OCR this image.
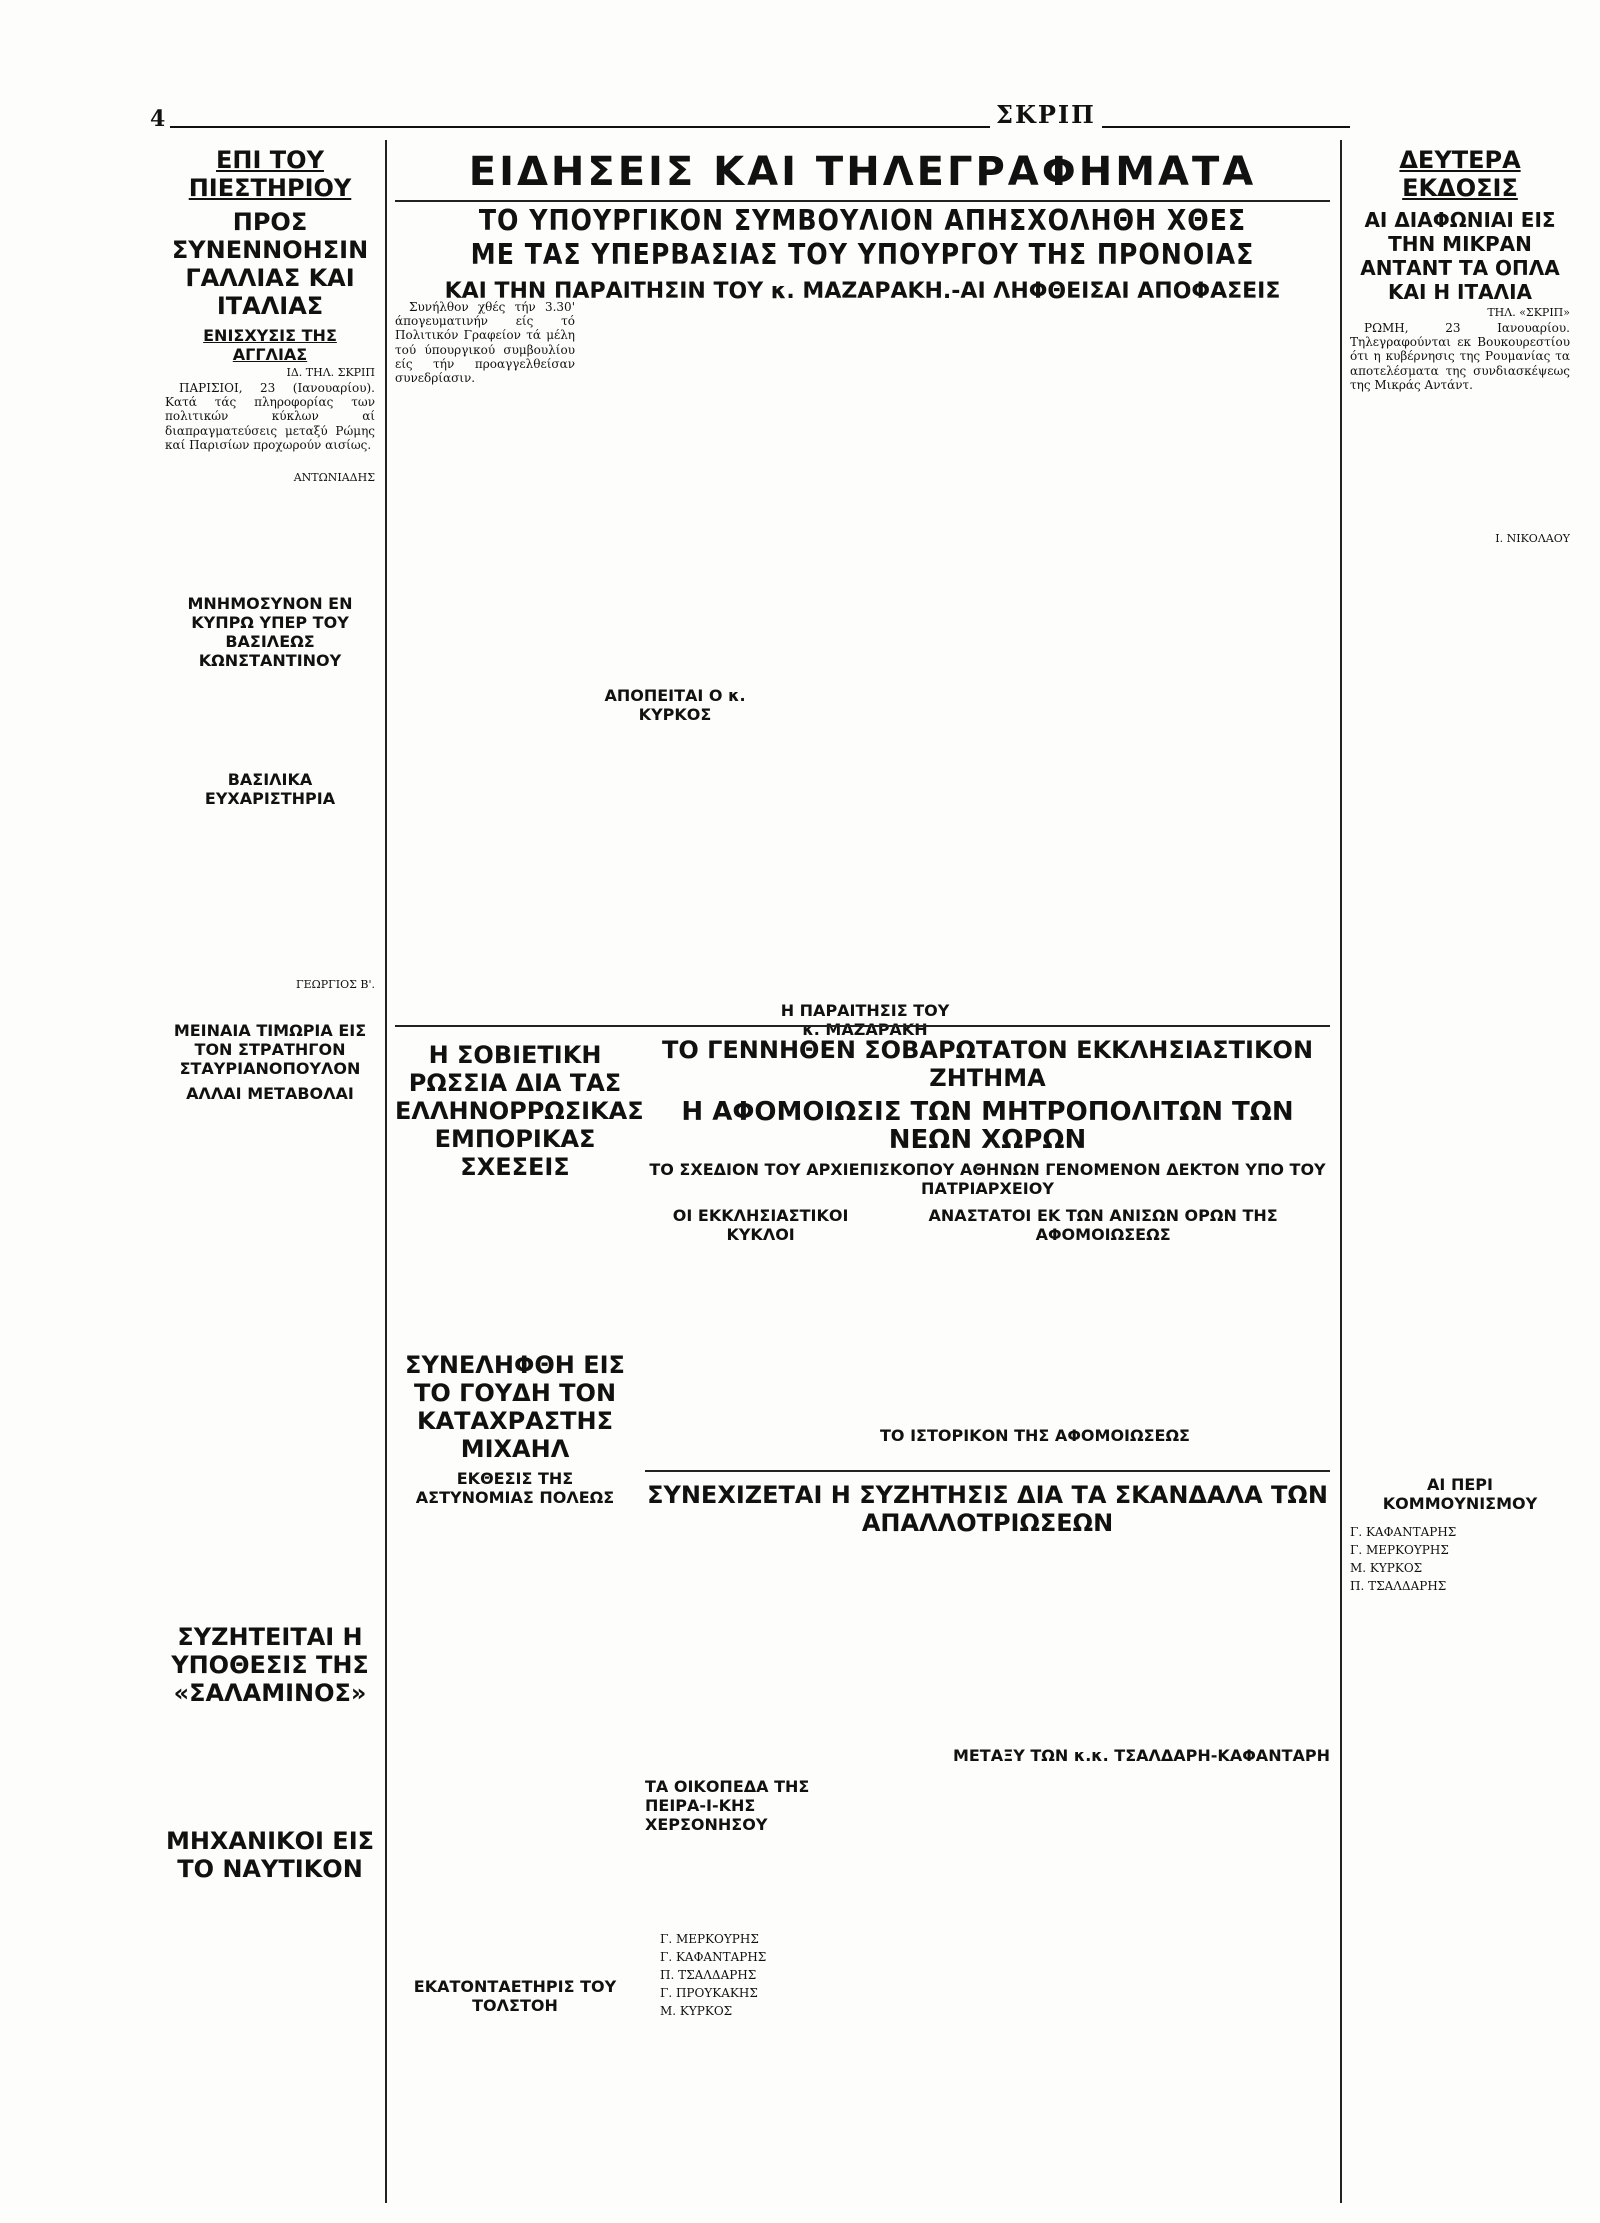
4	ΣΚΡΙΠ
ΕΠΙ ΤΟΥ ΠΙΕΣΤΗΡΙΟΥ
ΠΡΟΣ ΣΥΝΕΝΝΟΗΣΙΝ ΓΑΛΛΙΑΣ ΚΑΙ ΙΤΑΛΙΑΣ
ΕΝΙΣΧΥΣΙΣ ΤΗΣ ΑΓΓΛΙΑΣ
ΙΔ. ΤΗΛ. ΣΚΡΙΠ

ΠΑΡΙΣΙΟΙ, 23 (Ιανουαρίου). Κατά τάς πληροφορίας των πολιτικών κύκλων αί διαπραγματεύσεις μεταξύ Ρώμης καί Παρισίων προχωρούν αισίως.

ΑΝΤΩΝΙΑΔΗΣ
ΜΝΗΜΟΣΥΝΟΝ ΕΝ ΚΥΠΡΩ ΥΠΕΡ ΤΟΥ ΒΑΣΙΛΕΩΣ ΚΩΝΣΤΑΝΤΙΝΟΥ
ΒΑΣΙΛΙΚΑ ΕΥΧΑΡΙΣΤΗΡΙΑ
ΓΕΩΡΓΙΟΣ Β'.
ΜΕΙΝΑΙΑ ΤΙΜΩΡΙΑ ΕΙΣ ΤΟΝ ΣΤΡΑΤΗΓΟΝ ΣΤΑΥΡΙΑΝΟΠΟΥΛΟΝ
ΑΛΛΑΙ ΜΕΤΑΒΟΛΑΙ
ΣΥΖΗΤΕΙΤΑΙ Η ΥΠΟΘΕΣΙΣ ΤΗΣ «ΣΑΛΑΜΙΝΟΣ»
ΜΗΧΑΝΙΚΟΙ ΕΙΣ ΤΟ ΝΑΥΤΙΚΟΝ
ΕΙΔΗΣΕΙΣ ΚΑΙ ΤΗΛΕΓΡΑΦΗΜΑΤΑ
ΤΟ ΥΠΟΥΡΓΙΚΟΝ ΣΥΜΒΟΥΛΙΟΝ ΑΠΗΣΧΟΛΗΘΗ ΧΘΕΣ
ΜΕ ΤΑΣ ΥΠΕΡΒΑΣΙΑΣ ΤΟΥ ΥΠΟΥΡΓΟΥ ΤΗΣ ΠΡΟΝΟΙΑΣ
ΚΑΙ ΤΗΝ ΠΑΡΑΙΤΗΣΙΝ ΤΟΥ κ. ΜΑΖΑΡΑΚΗ.-ΑΙ ΛΗΦΘΕΙΣΑΙ ΑΠΟΦΑΣΕΙΣ

Συνήλθον χθές τήν 3.30' άπογευματινήν είς τό Πολιτικόν Γραφείον τά μέλη τού ύπουργικού συμβουλίου είς τήν προαγγελθείσαν συνεδρίασιν.

ΑΠΟΠΕΙΤΑΙ Ο κ. ΚΥΡΚΟΣ
Η ΠΑΡΑΙΤΗΣΙΣ ΤΟΥ κ. ΜΑΖΑΡΑΚΗ
Η ΣΟΒΙΕΤΙΚΗ ΡΩΣΣΙΑ ΔΙΑ ΤΑΣ ΕΛΛΗΝΟΡΡΩΣΙΚΑΣ ΕΜΠΟΡΙΚΑΣ ΣΧΕΣΕΙΣ
ΣΥΝΕΛΗΦΘΗ ΕΙΣ ΤΟ ΓΟΥΔΗ ΤΟΝ ΚΑΤΑΧΡΑΣΤΗΣ ΜΙΧΑΗΛ
ΕΚΘΕΣΙΣ ΤΗΣ ΑΣΤΥΝΟΜΙΑΣ ΠΟΛΕΩΣ
ΕΚΑΤΟΝΤΑΕΤΗΡΙΣ ΤΟΥ ΤΟΛΣΤΟΗ
ΤΟ ΓΕΝΝΗΘΕΝ ΣΟΒΑΡΩΤΑΤΟΝ ΕΚΚΛΗΣΙΑΣΤΙΚΟΝ ΖΗΤΗΜΑ
Η ΑΦΟΜΟΙΩΣΙΣ ΤΩΝ ΜΗΤΡΟΠΟΛΙΤΩΝ ΤΩΝ ΝΕΩΝ ΧΩΡΩΝ
ΤΟ ΣΧΕΔΙΟΝ ΤΟΥ ΑΡΧΙΕΠΙΣΚΟΠΟΥ ΑΘΗΝΩΝ ΓΕΝΟΜΕΝΟΝ ΔΕΚΤΟΝ ΥΠΟ ΤΟΥ ΠΑΤΡΙΑΡΧΕΙΟΥ
ΟΙ ΕΚΚΛΗΣΙΑΣΤΙΚΟΙ ΚΥΚΛΟΙ
ΑΝΑΣΤΑΤΟΙ ΕΚ ΤΩΝ ΑΝΙΣΩΝ ΟΡΩΝ ΤΗΣ ΑΦΟΜΟΙΩΣΕΩΣ
ΤΟ ΙΣΤΟΡΙΚΟΝ ΤΗΣ ΑΦΟΜΟΙΩΣΕΩΣ
ΣΥΝΕΧΙΖΕΤΑΙ Η ΣΥΖΗΤΗΣΙΣ ΔΙΑ ΤΑ ΣΚΑΝΔΑΛΑ ΤΩΝ ΑΠΑΛΛΟΤΡΙΩΣΕΩΝ
ΤΑ ΟΙΚΟΠΕΔΑ ΤΗΣ ΠΕΙΡΑ-Ι-ΚΗΣ ΧΕΡΣΟΝΗΣΟΥ
ΜΕΤΑΞΥ ΤΩΝ κ.κ. ΤΣΑΛΔΑΡΗ-ΚΑΦΑΝΤΑΡΗ
Γ. ΜΕΡΚΟΥΡΗΣ
Γ. ΚΑΦΑΝΤΑΡΗΣ
Π. ΤΣΑΛΔΑΡΗΣ
Γ. ΠΡΟΥΚΑΚΗΣ
Μ. ΚΥΡΚΟΣ
ΔΕΥΤΕΡΑ ΕΚΔΟΣΙΣ
ΑΙ ΔΙΑΦΩΝΙΑΙ ΕΙΣ ΤΗΝ ΜΙΚΡΑΝ ΑΝΤΑΝΤ ΤΑ ΟΠΛΑ ΚΑΙ Η ΙΤΑΛΙΑ
ΤΗΛ. «ΣΚΡΙΠ»

ΡΩΜΗ, 23 Ιανουαρίου. Τηλεγραφούνται εκ Βουκουρεστίου ότι η κυβέρνησις της Ρουμανίας τα αποτελέσματα της συνδιασκέψεως της Μικράς Αντάντ.

Ι. ΝΙΚΟΛΑΟΥ
ΑΙ ΠΕΡΙ ΚΟΜΜΟΥΝΙΣΜΟΥ
Γ. ΚΑΦΑΝΤΑΡΗΣ
Γ. ΜΕΡΚΟΥΡΗΣ
Μ. ΚΥΡΚΟΣ
Π. ΤΣΑΛΔΑΡΗΣ
